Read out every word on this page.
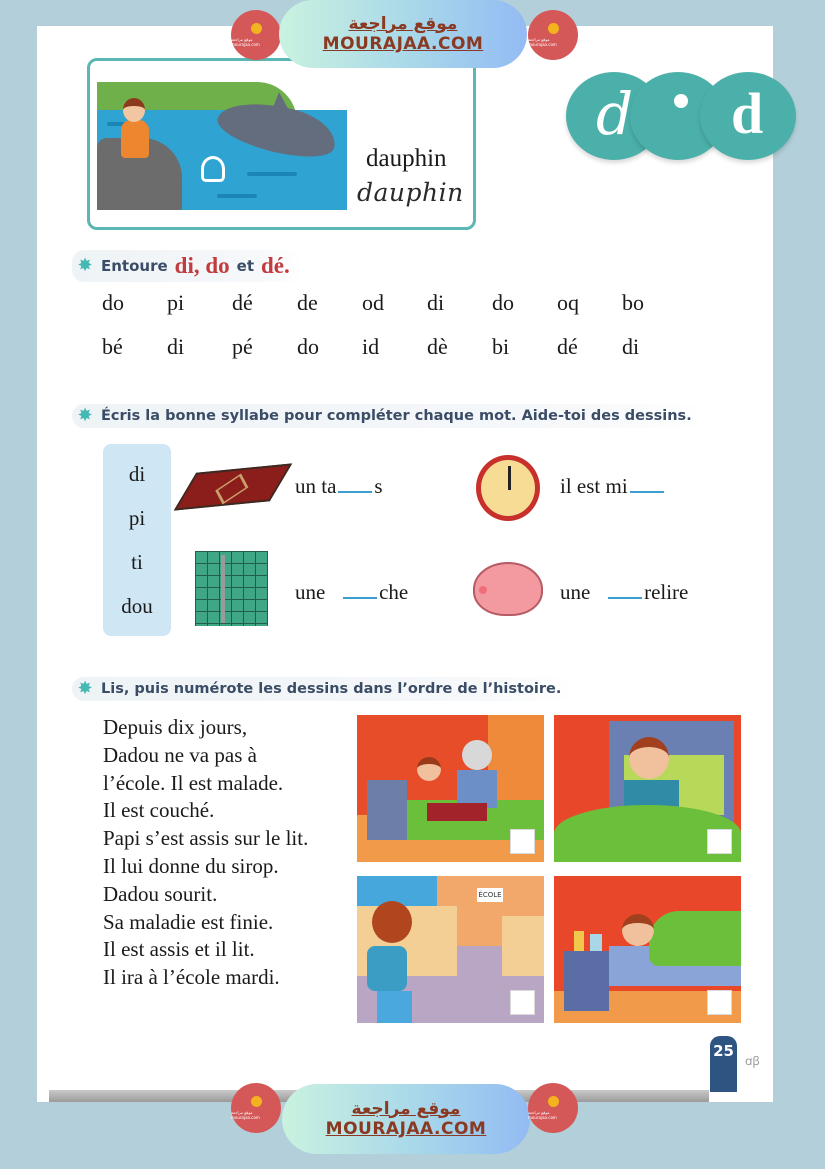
dauphin
dauphin
d d
✸ Entoure di, do et dé.
do	pi	dé	de	od	di	do	oq	bo
bé	di	pé	do	id	dè	bi	dé	di
✸ Écris la bonne syllabe pour compléter chaque mot. Aide-toi des dessins.
di
pi
ti
dou
un ta s	il est mi
une   che	une   relire
✸ Lis, puis numérote les dessins dans l’ordre de l’histoire.
Depuis dix jours,
Dadou ne va pas à
l’école. Il est malade.
Il est couché.
Papi s’est assis sur le lit.
Il lui donne du sirop.
Dadou sourit.
Sa maladie est finie.
Il est assis et il lit.
Il ira à l’école mardi.
ÉCOLE
25
ꭤꞵ
موقع مراجعة mourajaa.com
موقع مراجعة
MOURAJAA.COM	موقع مراجعة mourajaa.com
موقع مراجعة mourajaa.com	موقع مراجعة
MOURAJAA.COM
موقع مراجعة mourajaa.com
